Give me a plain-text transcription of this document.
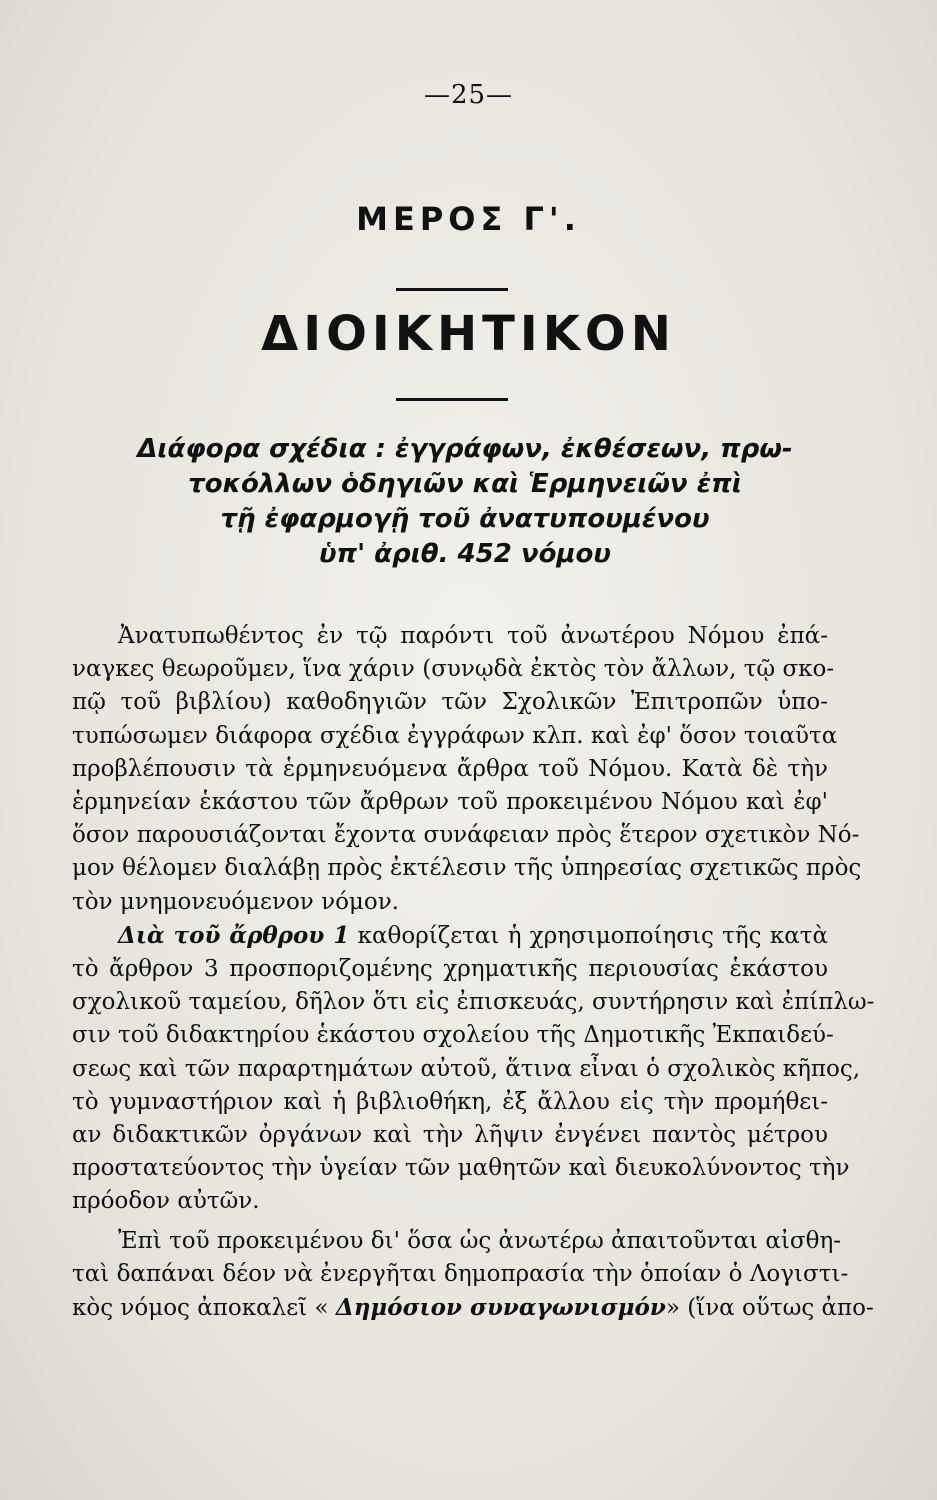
—25—
ΜΕΡΟΣ Γ'.
ΔΙΟΙΚΗΤΙΚΟΝ
Διάφορα σχέδια : ἐγγράφων, ἐκθέσεων, πρω-
τοκόλλων ὁδηγιῶν καὶ Ἑρμηνειῶν ἐπὶ
τῇ ἐφαρμογῇ τοῦ ἀνατυπουμένου
ὑπ' ἀριθ. 452 νόμου
Ἀνατυπωθέντος ἐν τῷ παρόντι τοῦ ἀνωτέρου Νόμου ἐπά-
ναγκες θεωροῦμεν, ἵνα χάριν (συνῳδὰ ἐκτὸς τὸν ἄλλων, τῷ σκο-
πῷ τοῦ βιβλίου) καθοδηγιῶν τῶν Σχολικῶν Ἐπιτροπῶν ὑπο-
τυπώσωμεν διάφορα σχέδια ἐγγράφων κλπ. καὶ ἐφ' ὅσον τοιαῦτα
προβλέπουσιν τὰ ἑρμηνευόμενα ἄρθρα τοῦ Νόμου. Κατὰ δὲ τὴν
ἑρμηνείαν ἑκάστου τῶν ἄρθρων τοῦ προκειμένου Νόμου καὶ ἐφ'
ὅσον παρουσιάζονται ἔχοντα συνάφειαν πρὸς ἕτερον σχετικὸν Νό-
μον θέλομεν διαλάβῃ πρὸς ἐκτέλεσιν τῆς ὑπηρεσίας σχετικῶς πρὸς
τὸν μνημονευόμενον νόμον.
Διὰ τοῦ ἄρθρου 1 καθορίζεται ἡ χρησιμοποίησις τῆς κατὰ
τὸ ἄρθρον 3 προσποριζομένης χρηματικῆς περιουσίας ἑκάστου
σχολικοῦ ταμείου, δῆλον ὅτι εἰς ἐπισκευάς, συντήρησιν καὶ ἐπίπλω-
σιν τοῦ διδακτηρίου ἑκάστου σχολείου τῆς Δημοτικῆς Ἐκπαιδεύ-
σεως καὶ τῶν παραρτημάτων αὐτοῦ, ἅτινα εἶναι ὁ σχολικὸς κῆπος,
τὸ γυμναστήριον καὶ ἡ βιβλιοθήκη, ἐξ ἄλλου εἰς τὴν προμήθει-
αν διδακτικῶν ὀργάνων καὶ τὴν λῆψιν ἐνγένει παντὸς μέτρου
προστατεύοντος τὴν ὑγείαν τῶν μαθητῶν καὶ διευκολύνοντος τὴν
πρόοδον αὐτῶν.
Ἐπὶ τοῦ προκειμένου δι' ὅσα ὡς ἀνωτέρω ἀπαιτοῦνται αἰσθη-
ταὶ δαπάναι δέον νὰ ἐνεργῆται δημοπρασία τὴν ὁποίαν ὁ Λογιστι-
κὸς νόμος ἀποκαλεῖ « Δημόσιον συναγωνισμόν» (ἵνα οὕτως ἀπο-
